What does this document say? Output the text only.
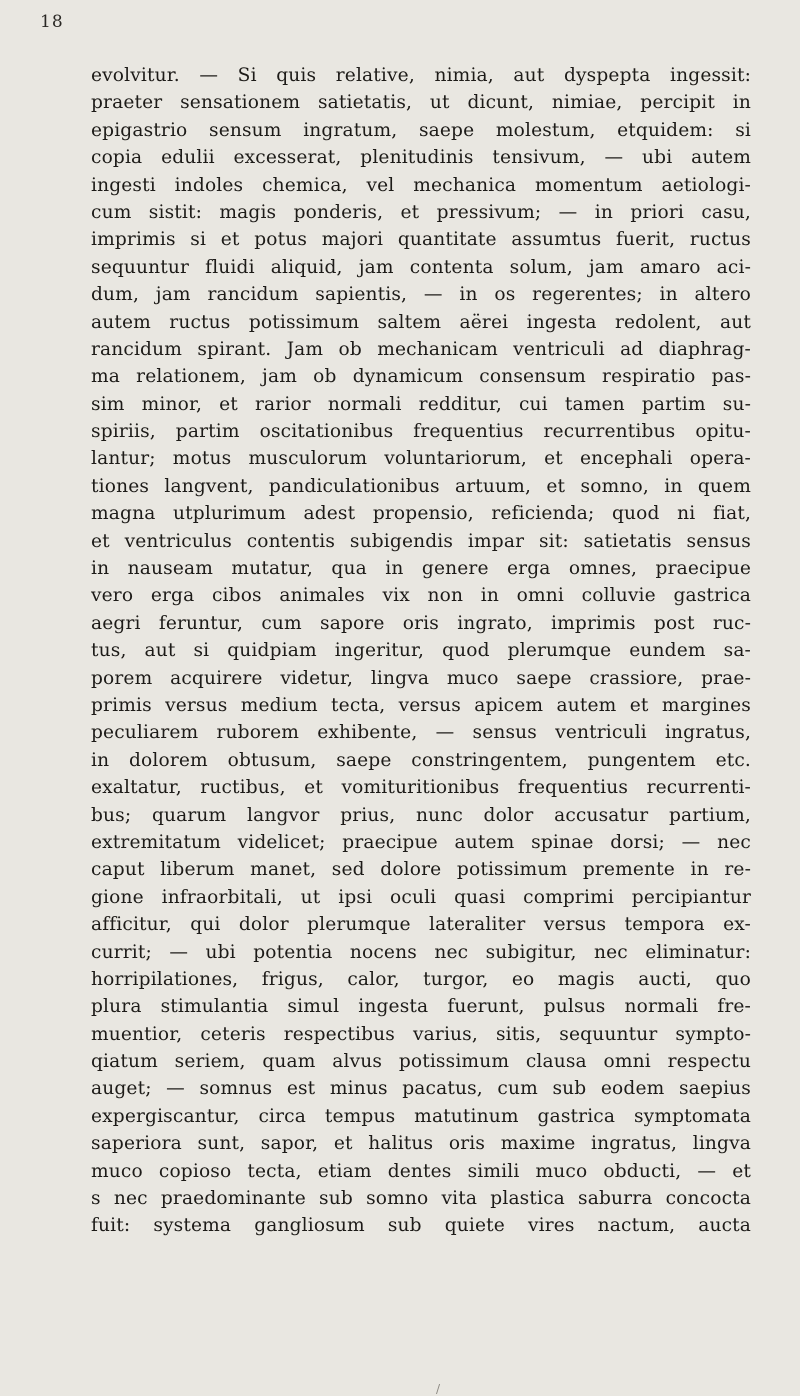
18
evolvitur. — Si quis relative, nimia, aut dyspepta ingessit:
praeter sensationem satietatis, ut dicunt, nimiae, percipit in
epigastrio sensum ingratum, saepe molestum, etquidem: si
copia edulii excesserat, plenitudinis tensivum, — ubi autem
ingesti indoles chemica, vel mechanica momentum aetiologi-
cum sistit: magis ponderis, et pressivum; — in priori casu,
imprimis si et potus majori quantitate assumtus fuerit, ructus
sequuntur fluidi aliquid, jam contenta solum, jam amaro aci-
dum, jam rancidum sapientis, — in os regerentes; in altero
autem ructus potissimum saltem aërei ingesta redolent, aut
rancidum spirant. Jam ob mechanicam ventriculi ad diaphrag-
ma relationem, jam ob dynamicum consensum respiratio pas-
sim minor, et rarior normali redditur, cui tamen partim su-
spiriis, partim oscitationibus frequentius recurrentibus opitu-
lantur; motus musculorum voluntariorum, et encephali opera-
tiones langvent, pandiculationibus artuum, et somno, in quem
magna utplurimum adest propensio, reficienda; quod ni fiat,
et ventriculus contentis subigendis impar sit: satietatis sensus
in nauseam mutatur, qua in genere erga omnes, praecipue
vero erga cibos animales vix non in omni colluvie gastrica
aegri feruntur, cum sapore oris ingrato, imprimis post ruc-
tus, aut si quidpiam ingeritur, quod plerumque eundem sa-
porem acquirere videtur, lingva muco saepe crassiore, prae-
primis versus medium tecta, versus apicem autem et margines
peculiarem ruborem exhibente, — sensus ventriculi ingratus,
in dolorem obtusum, saepe constringentem, pungentem etc.
exaltatur, ructibus, et vomituritionibus frequentius recurrenti-
bus; quarum langvor prius, nunc dolor accusatur partium,
extremitatum videlicet; praecipue autem spinae dorsi; — nec
caput liberum manet, sed dolore potissimum premente in re-
gione infraorbitali, ut ipsi oculi quasi comprimi percipiantur
afficitur, qui dolor plerumque lateraliter versus tempora ex-
currit; — ubi potentia nocens nec subigitur, nec eliminatur:
horripilationes, frigus, calor, turgor, eo magis aucti, quo
plura stimulantia simul ingesta fuerunt, pulsus normali fre-
muentior, ceteris respectibus varius, sitis, sequuntur sympto-
qiatum seriem, quam alvus potissimum clausa omni respectu
auget; — somnus est minus pacatus, cum sub eodem saepius
expergiscantur, circa tempus matutinum gastrica symptomata
saperiora sunt, sapor, et halitus oris maxime ingratus, lingva
muco copioso tecta, etiam dentes simili muco obducti, — et
s nec praedominante sub somno vita plastica saburra concocta
fuit: systema gangliosum sub quiete vires nactum, aucta
/
